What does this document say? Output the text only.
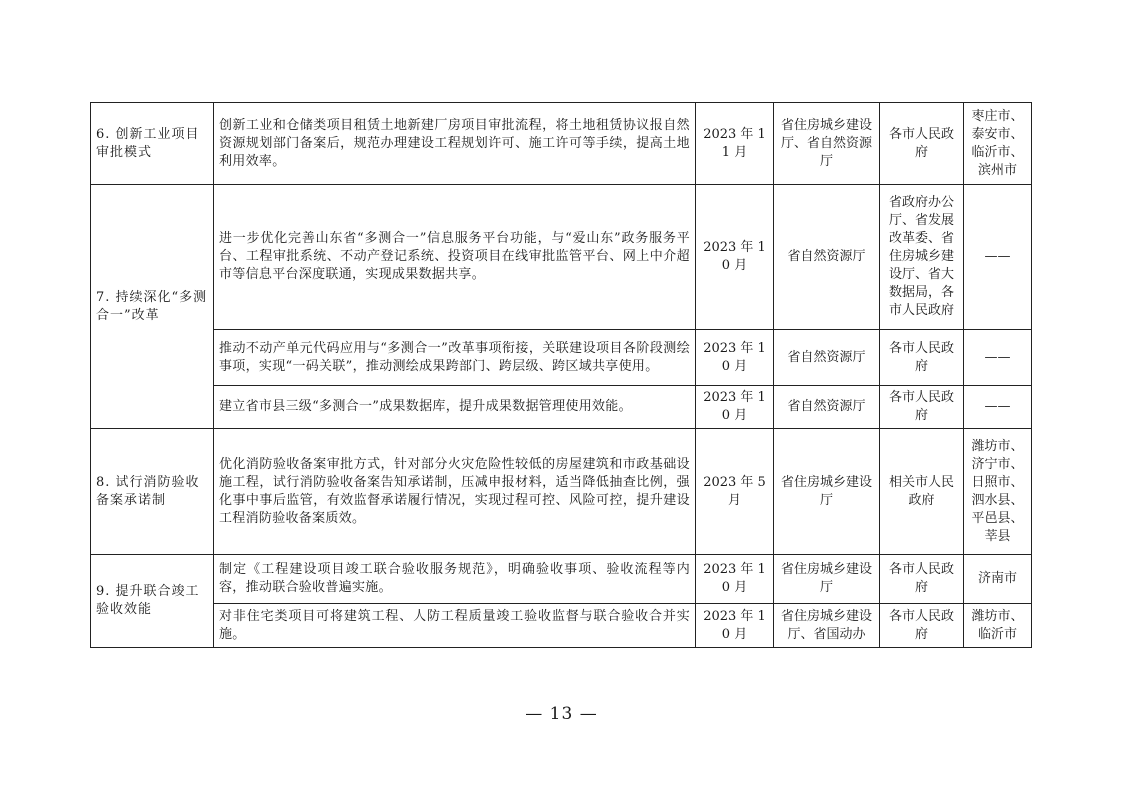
6. 创新工业项目审批模式	创新工业和仓储类项目租赁土地新建厂房项目审批流程，将土地租赁协议报自然资源规划部门备案后，规范办理建设工程规划许可、施工许可等手续，提高土地利用效率。	2023 年 11 月	省住房城乡建设厅、省自然资源厅	各市人民政府	枣庄市、泰安市、临沂市、滨州市
7. 持续深化“多测合一”改革	进一步优化完善山东省“多测合一”信息服务平台功能，与“爱山东”政务服务平台、工程审批系统、不动产登记系统、投资项目在线审批监管平台、网上中介超市等信息平台深度联通，实现成果数据共享。	2023 年 10 月	省自然资源厅	省政府办公厅、省发展改革委、省住房城乡建设厅、省大数据局，各市人民政府	——
	推动不动产单元代码应用与“多测合一”改革事项衔接，关联建设项目各阶段测绘事项，实现“一码关联”，推动测绘成果跨部门、跨层级、跨区域共享使用。	2023 年 10 月	省自然资源厅	各市人民政府	——
	建立省市县三级“多测合一”成果数据库，提升成果数据管理使用效能。	2023 年 10 月	省自然资源厅	各市人民政府	——
8. 试行消防验收备案承诺制	优化消防验收备案审批方式，针对部分火灾危险性较低的房屋建筑和市政基础设施工程，试行消防验收备案告知承诺制，压减申报材料，适当降低抽查比例，强化事中事后监管，有效监督承诺履行情况，实现过程可控、风险可控，提升建设工程消防验收备案质效。	2023 年 5 月	省住房城乡建设厅	相关市人民政府	潍坊市、济宁市、日照市、泗水县、平邑县、莘县
9. 提升联合竣工验收效能	制定《工程建设项目竣工联合验收服务规范》，明确验收事项、验收流程等内容，推动联合验收普遍实施。	2023 年 10 月	省住房城乡建设厅	各市人民政府	济南市
	对非住宅类项目可将建筑工程、人防工程质量竣工验收监督与联合验收合并实施。	2023 年 10 月	省住房城乡建设厅、省国动办	各市人民政府	潍坊市、临沂市
— 13 —
